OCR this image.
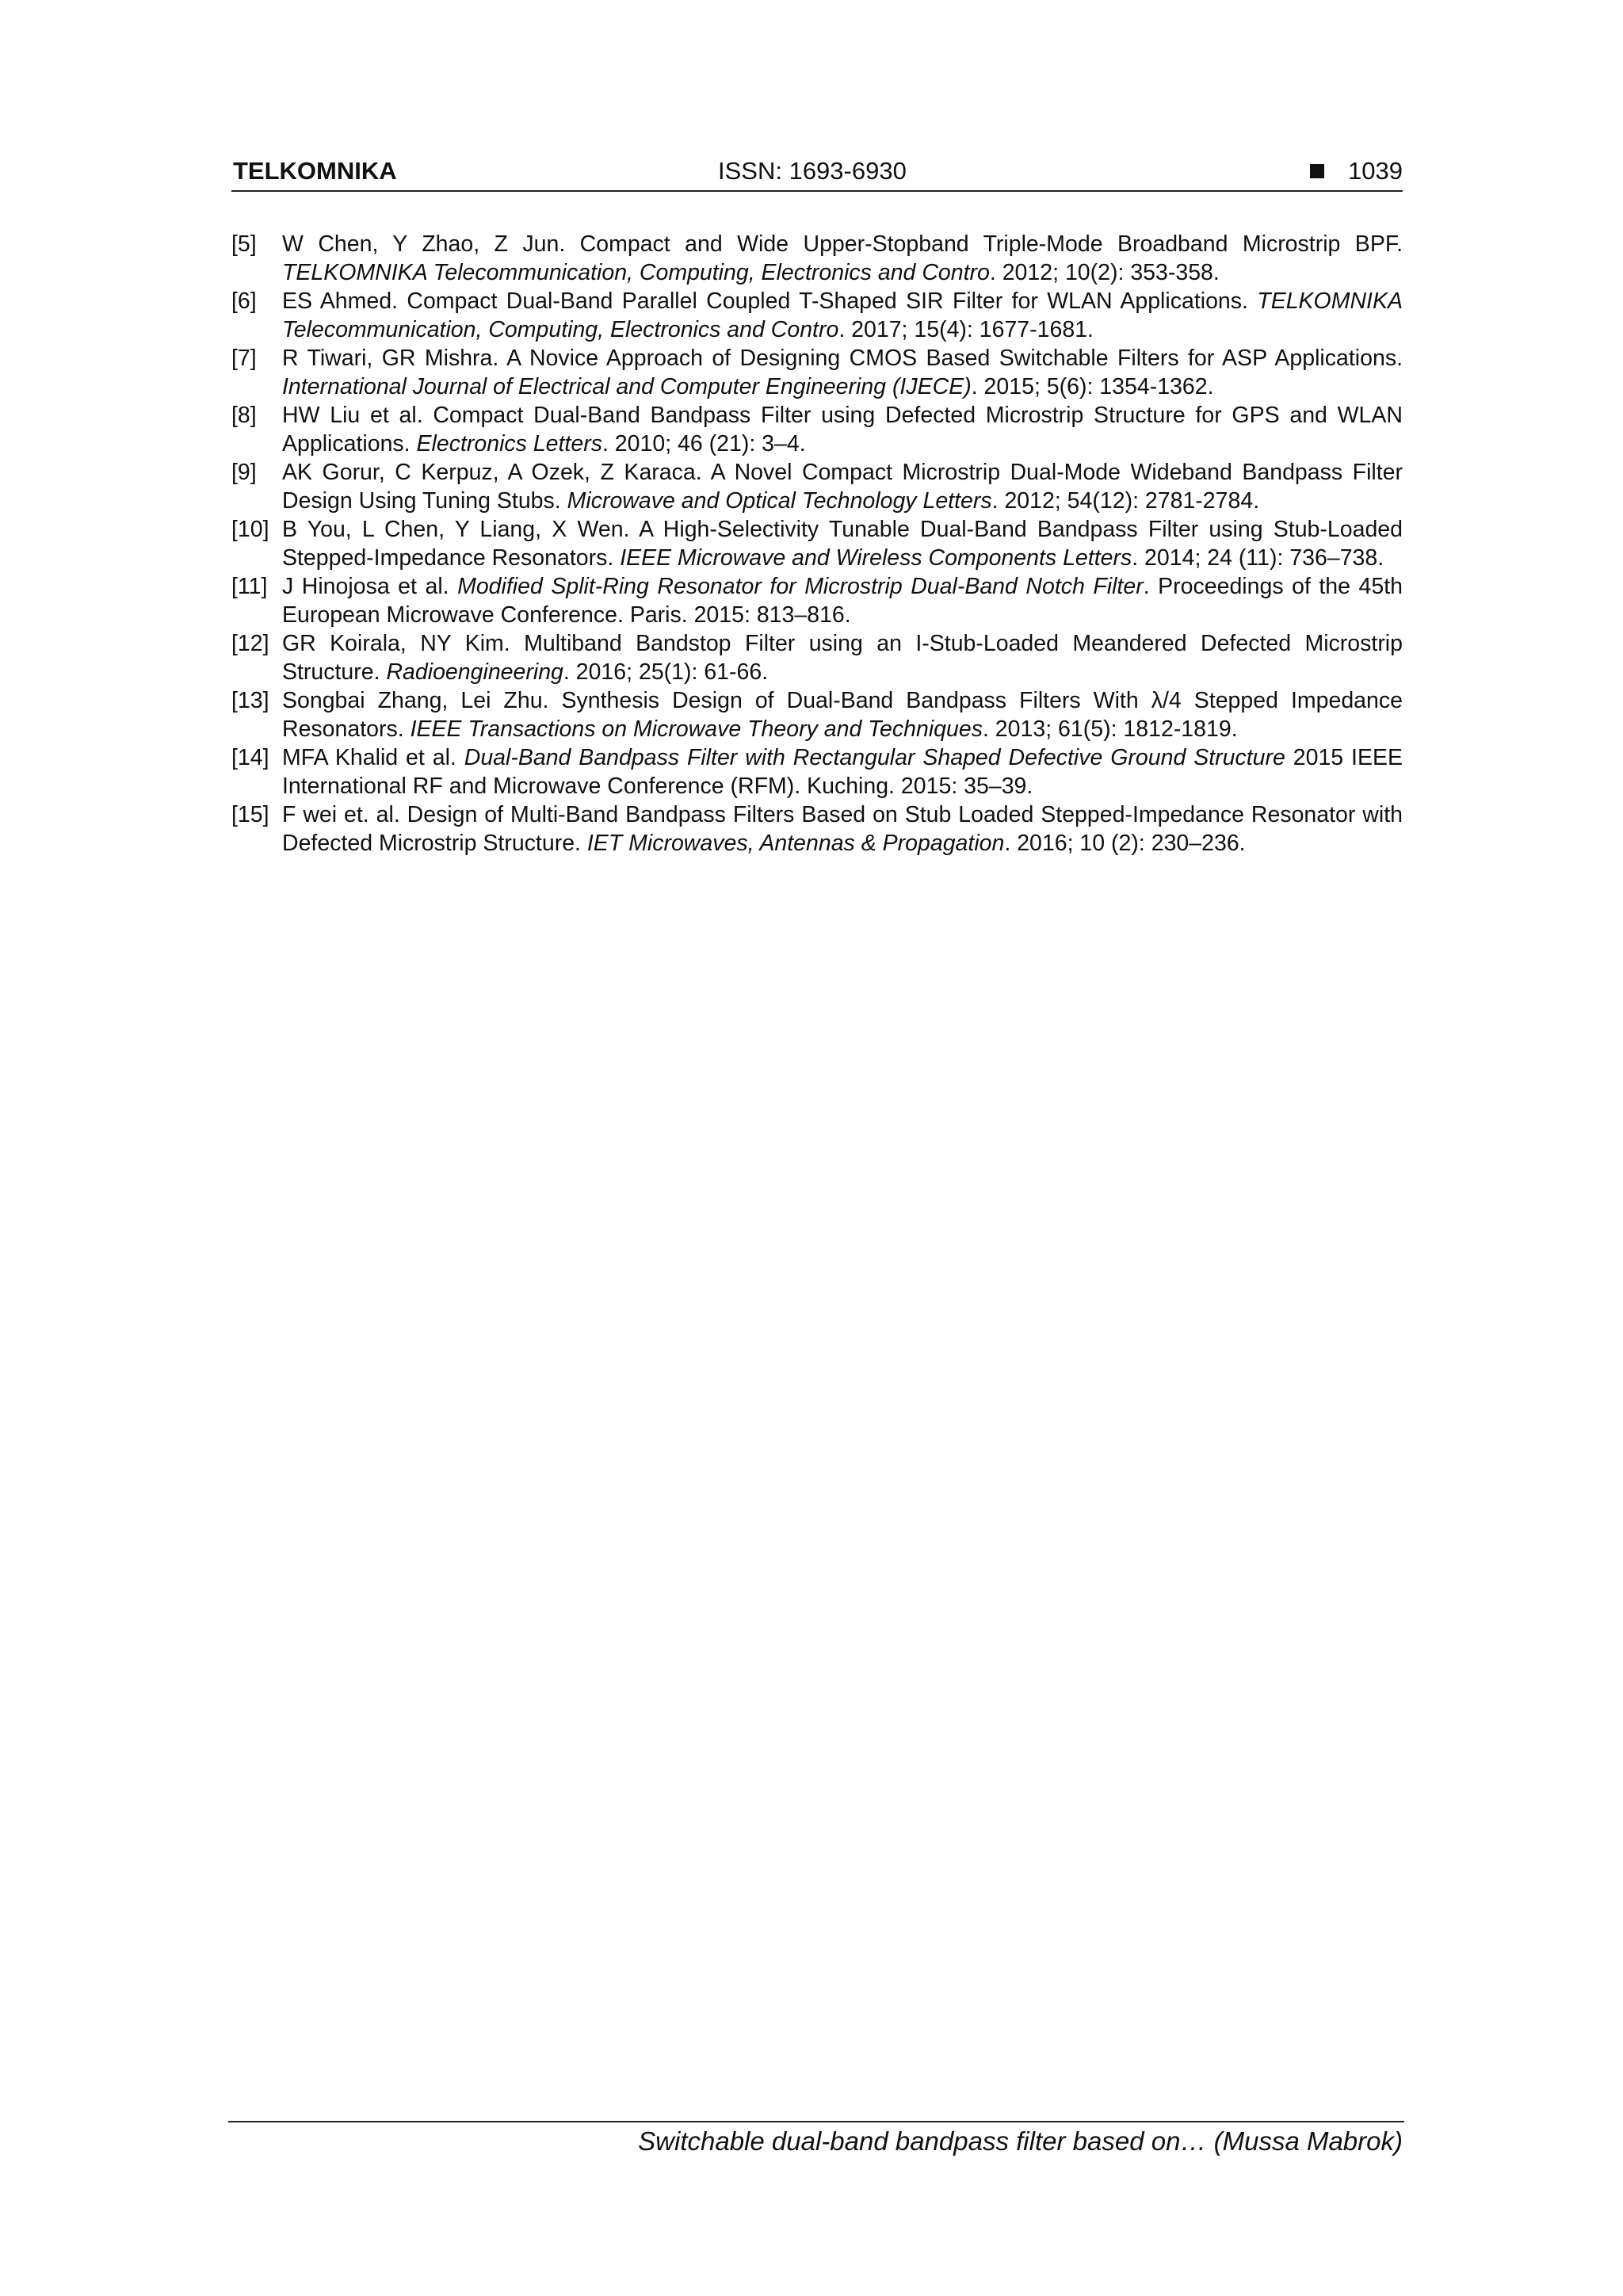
TELKOMNIKA	ISSN: 1693-6930	1039
[5]	W Chen, Y Zhao, Z Jun. Compact and Wide Upper-Stopband Triple-Mode Broadband Microstrip BPF. TELKOMNIKA Telecommunication, Computing, Electronics and Contro. 2012; 10(2): 353-358.
[6]	ES Ahmed. Compact Dual-Band Parallel Coupled T-Shaped SIR Filter for WLAN Applications. TELKOMNIKA Telecommunication, Computing, Electronics and Contro. 2017; 15(4): 1677-1681.
[7]	R Tiwari, GR Mishra. A Novice Approach of Designing CMOS Based Switchable Filters for ASP Applications. International Journal of Electrical and Computer Engineering (IJECE). 2015; 5(6): 1354-1362.
[8]	HW Liu et al. Compact Dual-Band Bandpass Filter using Defected Microstrip Structure for GPS and WLAN Applications. Electronics Letters. 2010; 46 (21): 3–4.
[9]	AK Gorur, C Kerpuz, A Ozek, Z Karaca. A Novel Compact Microstrip Dual-Mode Wideband Bandpass Filter Design Using Tuning Stubs. Microwave and Optical Technology Letters. 2012; 54(12): 2781-2784.
[10] B You, L Chen, Y Liang, X Wen. A High-Selectivity Tunable Dual-Band Bandpass Filter using Stub-Loaded Stepped-Impedance Resonators. IEEE Microwave and Wireless Components Letters. 2014; 24 (11): 736–738.
[11] J Hinojosa et al. Modified Split-Ring Resonator for Microstrip Dual-Band Notch Filter. Proceedings of the 45th European Microwave Conference. Paris. 2015: 813–816.
[12] GR Koirala, NY Kim. Multiband Bandstop Filter using an I-Stub-Loaded Meandered Defected Microstrip Structure. Radioengineering. 2016; 25(1): 61-66.
[13] Songbai Zhang, Lei Zhu. Synthesis Design of Dual-Band Bandpass Filters With λ/4 Stepped Impedance Resonators. IEEE Transactions on Microwave Theory and Techniques. 2013; 61(5): 1812-1819.
[14] MFA Khalid et al. Dual-Band Bandpass Filter with Rectangular Shaped Defective Ground Structure 2015 IEEE International RF and Microwave Conference (RFM). Kuching. 2015: 35–39.
[15] F wei et. al. Design of Multi-Band Bandpass Filters Based on Stub Loaded Stepped-Impedance Resonator with Defected Microstrip Structure. IET Microwaves, Antennas & Propagation. 2016; 10 (2): 230–236.
Switchable dual-band bandpass filter based on… (Mussa Mabrok)
